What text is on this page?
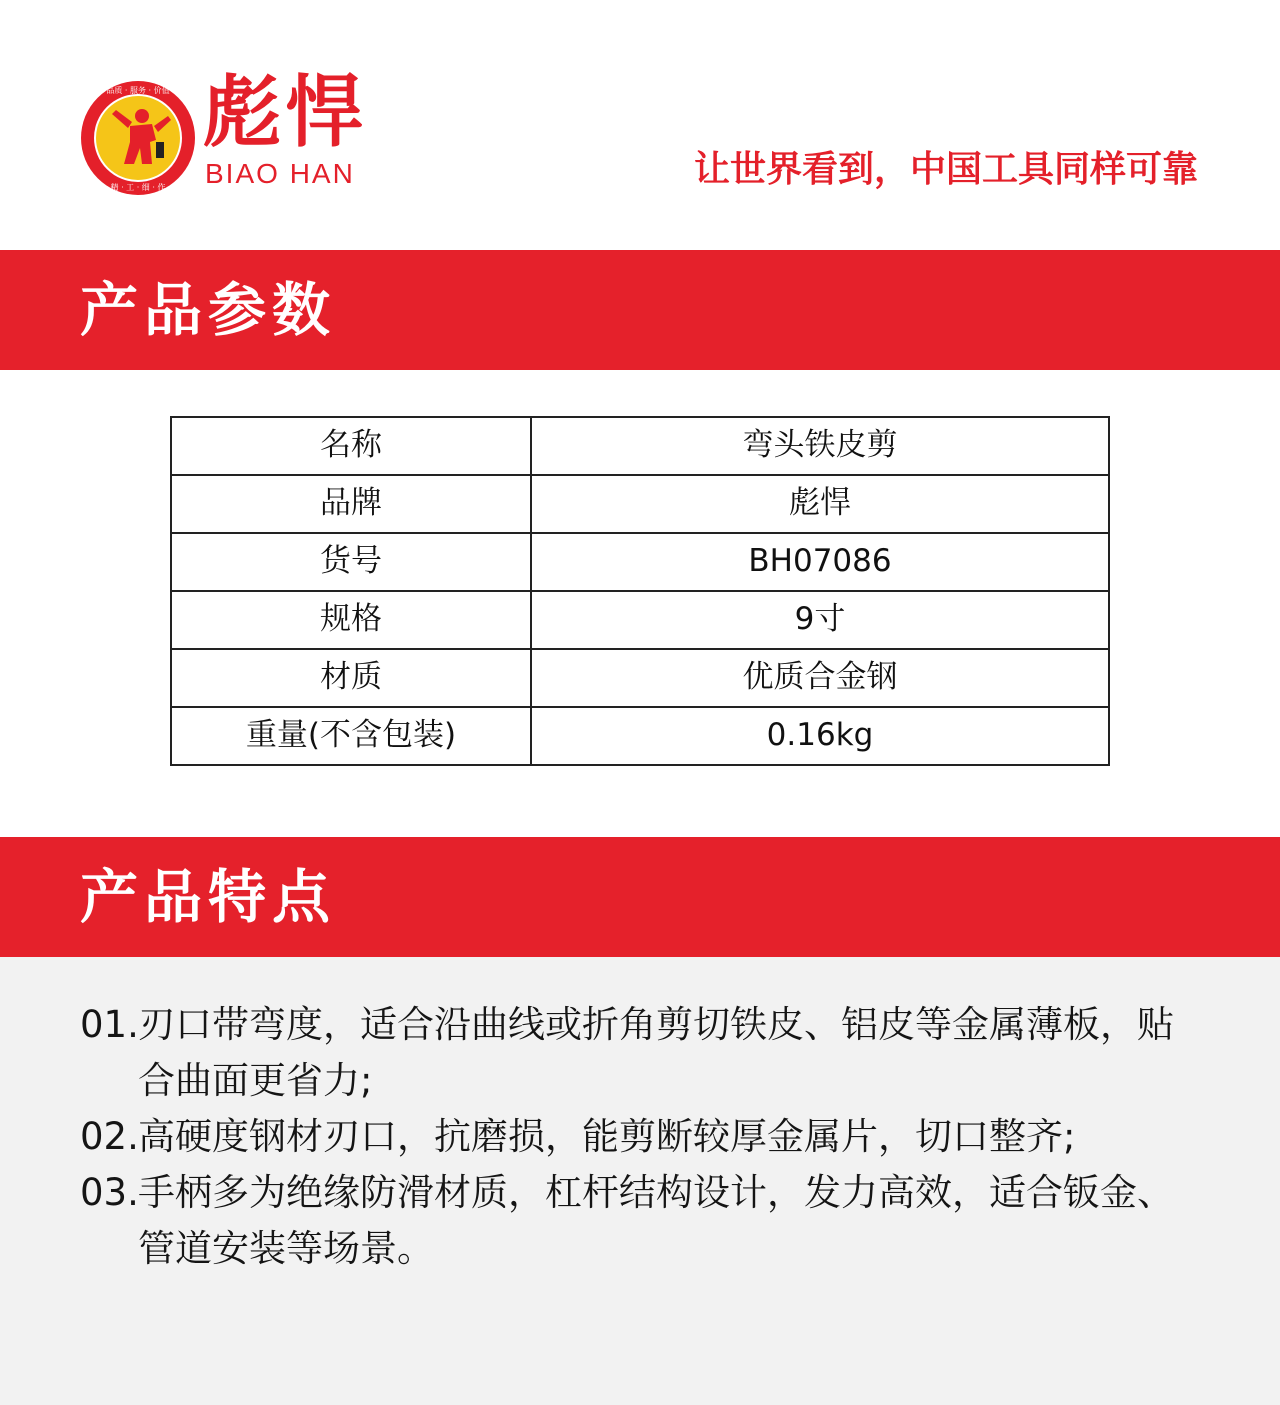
品质 · 服务 · 价值
精 · 工 · 细 · 作
彪悍
BIAO HAN	让世界看到，中国工具同样可靠
产品参数
名称	弯头铁皮剪
品牌	彪悍
货号	BH07086
规格	9寸
材质	优质合金钢
重量(不含包装)	0.16kg
产品特点
01. 刃口带弯度，适合沿曲线或折角剪切铁皮、铝皮等金属薄板，贴合曲面更省力;
02. 高硬度钢材刃口，抗磨损，能剪断较厚金属片，切口整齐;
03. 手柄多为绝缘防滑材质，杠杆结构设计，发力高效，适合钣金、管道安装等场景。
